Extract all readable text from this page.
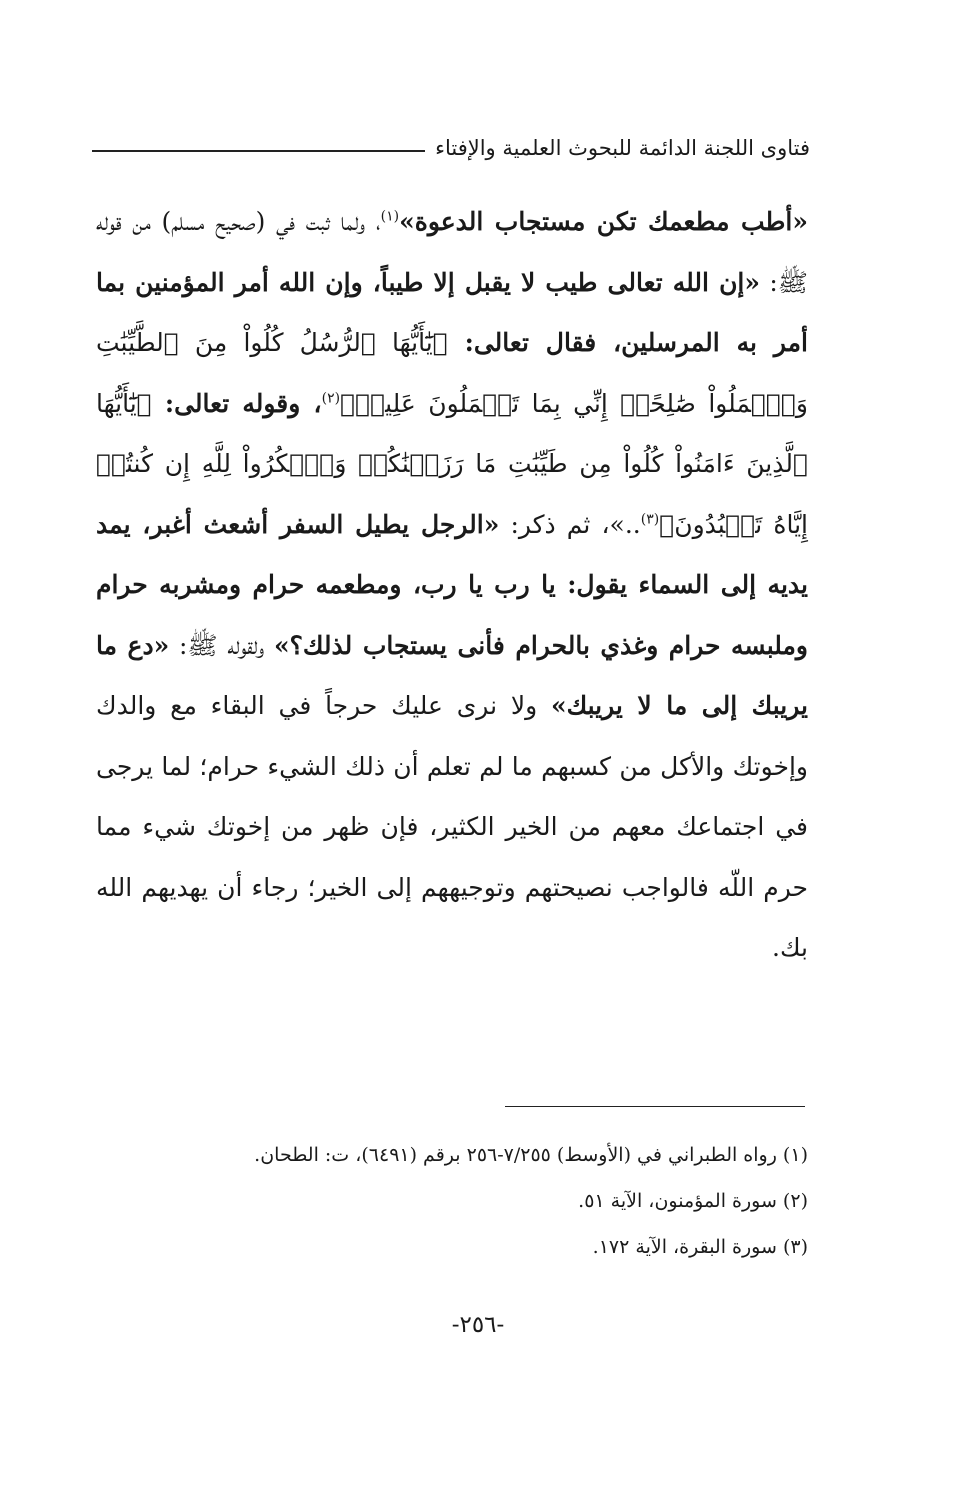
فتاوى اللجنة الدائمة للبحوث العلمية والإفتاء

«أطب مطعمك تكن مستجاب الدعوة»$^{(١)}$، ولما ثبت في (صحيح مسلم) من قوله ﷺ: «إن الله تعالى طيب لا يقبل إلا طيباً، وإن الله أمر المؤمنين بما أمر به المرسلين، فقال تعالى: ﴿يَٰٓأَيُّهَا ٱلرُّسُلُ كُلُواْ مِنَ ٱلطَّيِّبَٰتِ وَٱعۡمَلُواْ صَٰلِحًاۖ إِنِّي بِمَا تَعۡمَلُونَ عَلِيمٞ﴾$^{(٢)}$، وقوله تعالى: ﴿يَٰٓأَيُّهَا ٱلَّذِينَ ءَامَنُواْ كُلُواْ مِن طَيِّبَٰتِ مَا رَزَقۡنَٰكُمۡ وَٱشۡكُرُواْ لِلَّهِ إِن كُنتُمۡ إِيَّاهُ تَعۡبُدُونَ﴾$^{(٣)}$..»، ثم ذكر: «الرجل يطيل السفر أشعث أغبر، يمد يديه إلى السماء يقول: يا رب يا رب، ومطعمه حرام ومشربه حرام وملبسه حرام وغذي بالحرام فأنى يستجاب لذلك؟» ولقوله ﷺ: «دع ما يريبك إلى ما لا يريبك» ولا نرى عليك حرجاً في البقاء مع والدك وإخوتك والأكل من كسبهم ما لم تعلم أن ذلك الشيء حرام؛ لما يرجى في اجتماعك معهم من الخير الكثير، فإن ظهر من إخوتك شيء مما حرم اللّه فالواجب نصيحتهم وتوجيههم إلى الخير؛ رجاء أن يهديهم الله بك.

(١) رواه الطبراني في (الأوسط) ٧/٢٥٥-٢٥٦ برقم (٦٤٩١)، ت: الطحان.
(٢) سورة المؤمنون، الآية ٥١.
(٣) سورة البقرة، الآية ١٧٢.
-٢٥٦-
